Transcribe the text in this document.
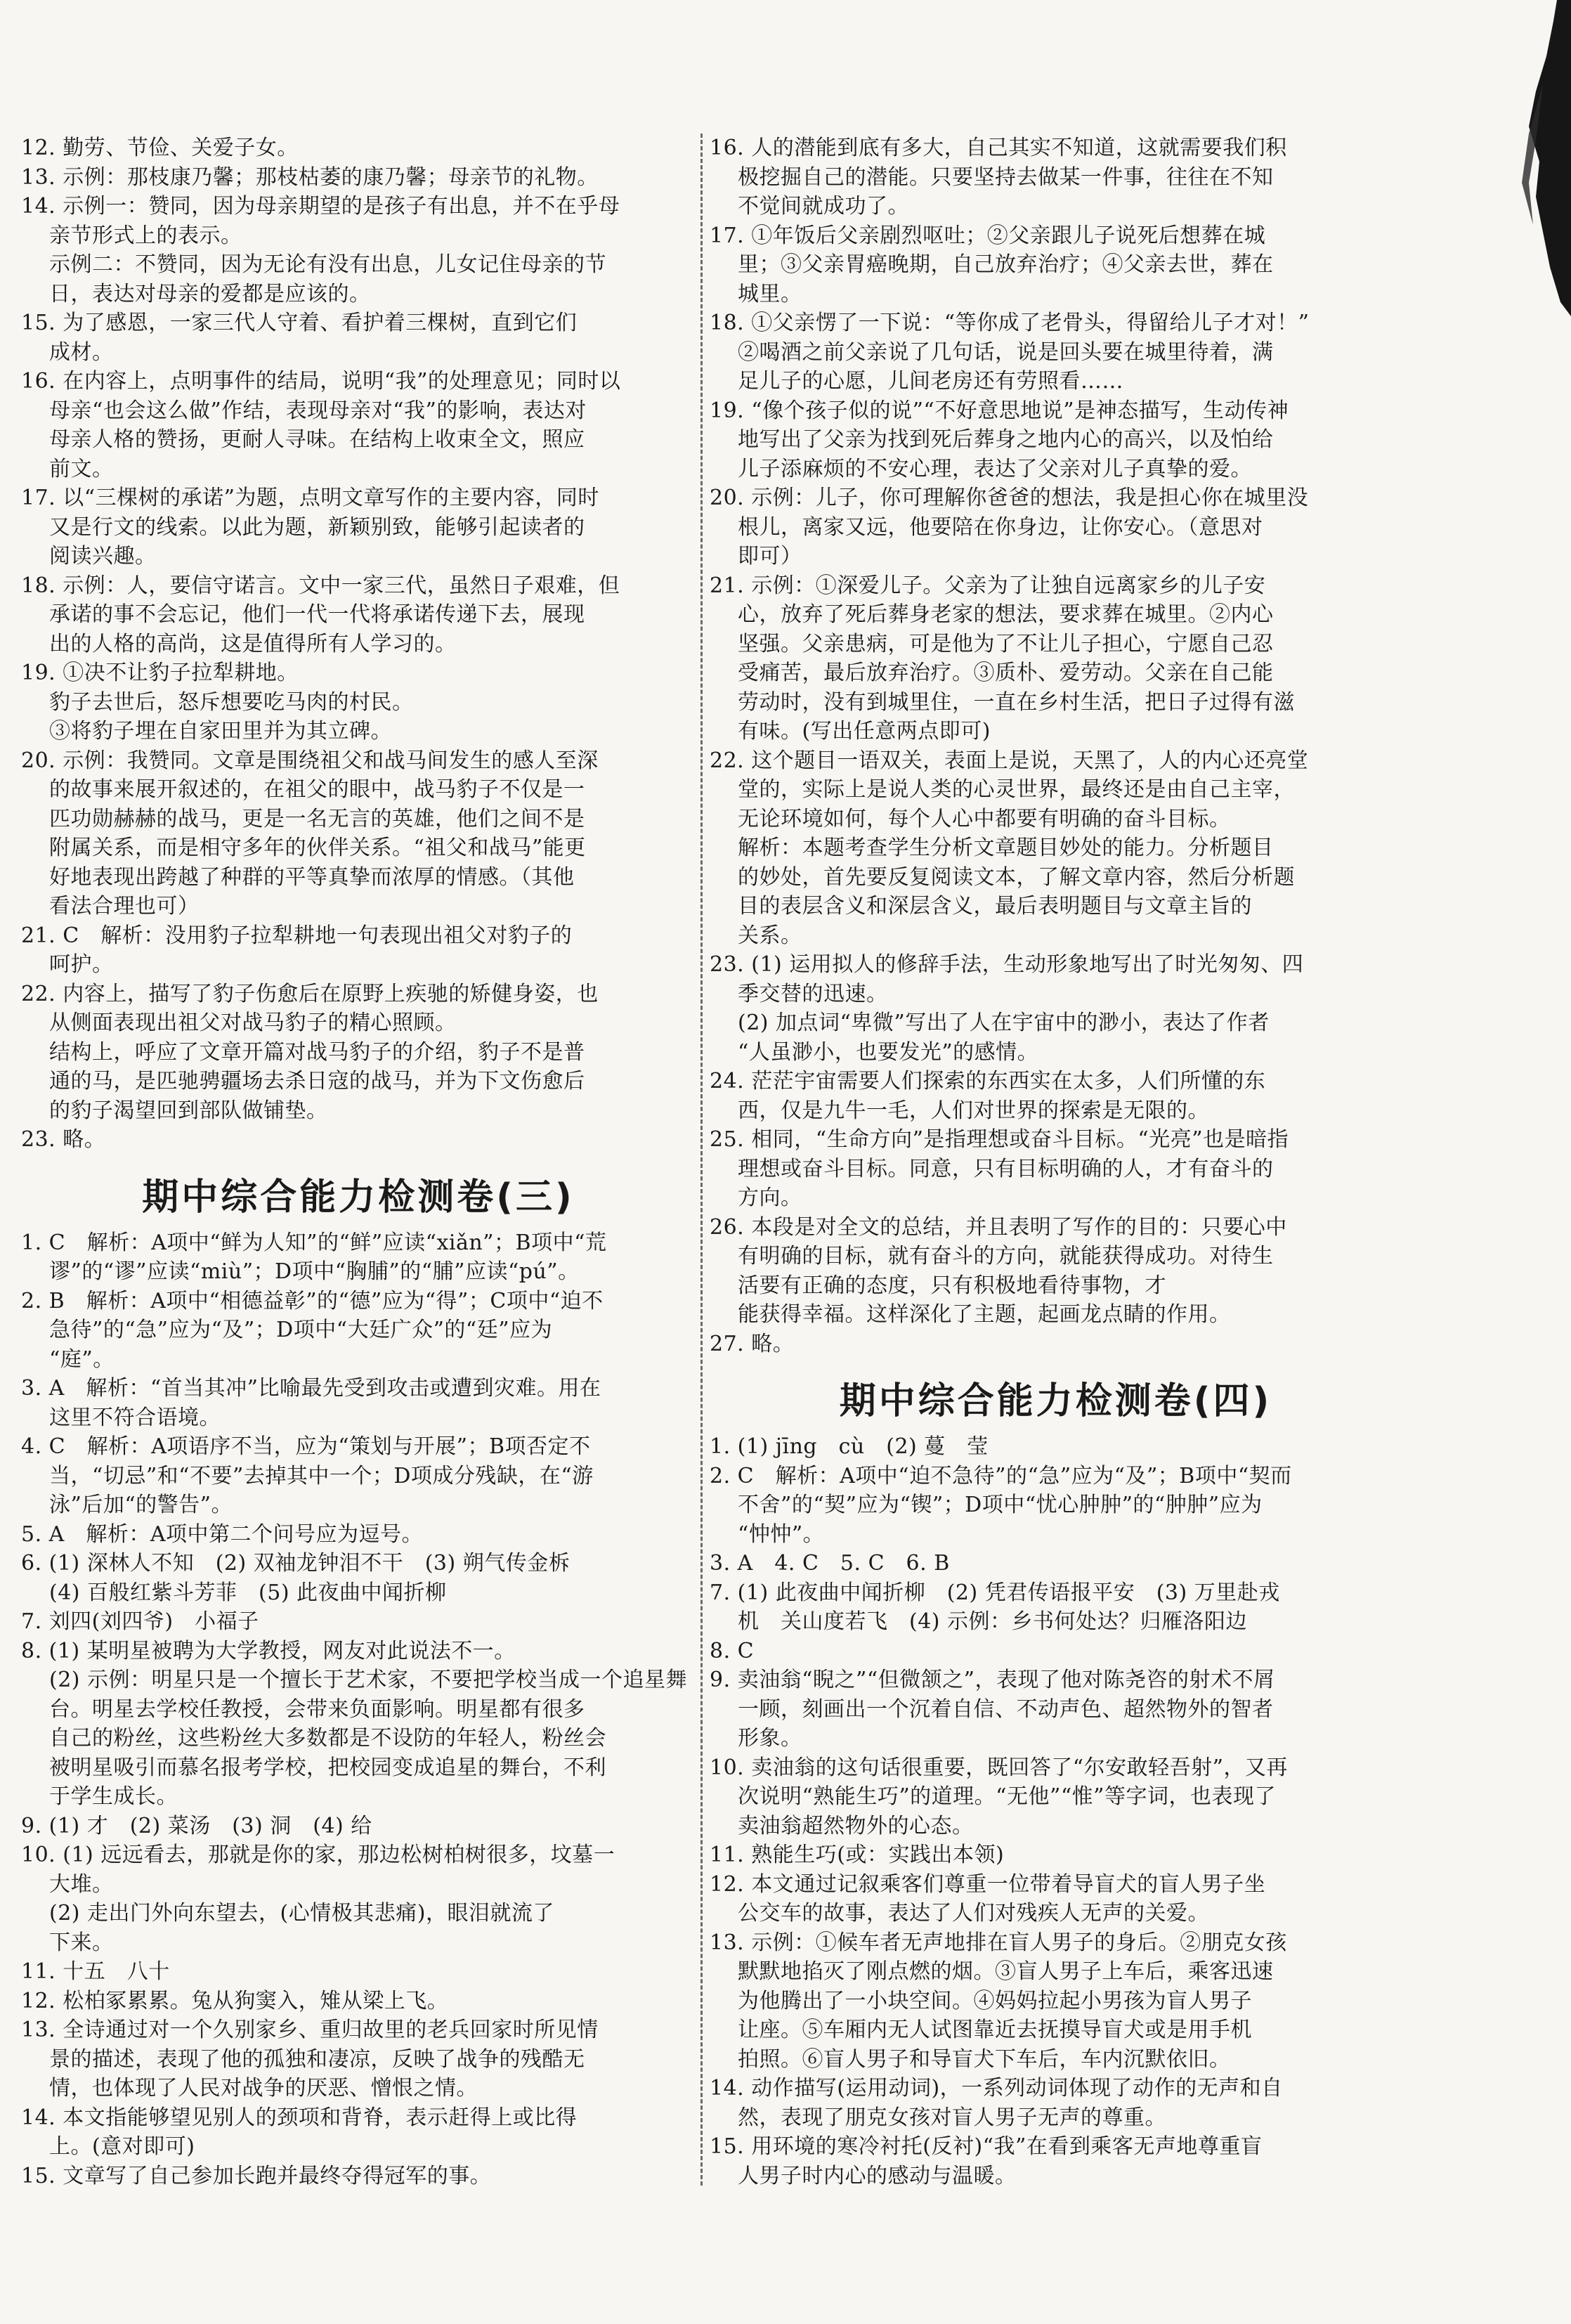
12. 勤劳、节俭、关爱子女。
13. 示例：那枝康乃馨；那枝枯萎的康乃馨；母亲节的礼物。
14. 示例一：赞同，因为母亲期望的是孩子有出息，并不在乎母
亲节形式上的表示。
示例二：不赞同，因为无论有没有出息，儿女记住母亲的节
日，表达对母亲的爱都是应该的。
15. 为了感恩，一家三代人守着、看护着三棵树，直到它们
成材。
16. 在内容上，点明事件的结局，说明“我”的处理意见；同时以
母亲“也会这么做”作结，表现母亲对“我”的影响，表达对
母亲人格的赞扬，更耐人寻味。在结构上收束全文，照应
前文。
17. 以“三棵树的承诺”为题，点明文章写作的主要内容，同时
又是行文的线索。以此为题，新颖别致，能够引起读者的
阅读兴趣。
18. 示例：人，要信守诺言。文中一家三代，虽然日子艰难，但
承诺的事不会忘记，他们一代一代将承诺传递下去，展现
出的人格的高尚，这是值得所有人学习的。
19. ①决不让豹子拉犁耕地。
豹子去世后，怒斥想要吃马肉的村民。
③将豹子埋在自家田里并为其立碑。
20. 示例：我赞同。文章是围绕祖父和战马间发生的感人至深
的故事来展开叙述的，在祖父的眼中，战马豹子不仅是一
匹功勋赫赫的战马，更是一名无言的英雄，他们之间不是
附属关系，而是相守多年的伙伴关系。“祖父和战马”能更
好地表现出跨越了种群的平等真挚而浓厚的情感。（其他
看法合理也可）
21. C　解析：没用豹子拉犁耕地一句表现出祖父对豹子的
呵护。
22. 内容上，描写了豹子伤愈后在原野上疾驰的矫健身姿，也
从侧面表现出祖父对战马豹子的精心照顾。
结构上，呼应了文章开篇对战马豹子的介绍，豹子不是普
通的马，是匹驰骋疆场去杀日寇的战马，并为下文伤愈后
的豹子渴望回到部队做铺垫。
23. 略。
期中综合能力检测卷(三)
1. C　解析：A项中“鲜为人知”的“鲜”应读“xiǎn”；B项中“荒
谬”的“谬”应读“miù”；D项中“胸脯”的“脯”应读“pú”。
2. B　解析：A项中“相德益彰”的“德”应为“得”；C项中“迫不
急待”的“急”应为“及”；D项中“大廷广众”的“廷”应为
“庭”。
3. A　解析：“首当其冲”比喻最先受到攻击或遭到灾难。用在
这里不符合语境。
4. C　解析：A项语序不当，应为“策划与开展”；B项否定不
当，“切忌”和“不要”去掉其中一个；D项成分残缺，在“游
泳”后加“的警告”。
5. A　解析：A项中第二个问号应为逗号。
6. (1) 深林人不知　(2) 双袖龙钟泪不干　(3) 朔气传金柝
(4) 百般红紫斗芳菲　(5) 此夜曲中闻折柳
7. 刘四(刘四爷)　小福子
8. (1) 某明星被聘为大学教授，网友对此说法不一。
(2) 示例：明星只是一个擅长于艺术家，不要把学校当成一个追星舞
台。明星去学校任教授，会带来负面影响。明星都有很多
自己的粉丝，这些粉丝大多数都是不设防的年轻人，粉丝会
被明星吸引而慕名报考学校，把校园变成追星的舞台，不利
于学生成长。
9. (1) 才　(2) 菜汤　(3) 洞　(4) 给
10. (1) 远远看去，那就是你的家，那边松树柏树很多，坟墓一
大堆。
(2) 走出门外向东望去，(心情极其悲痛)，眼泪就流了
下来。
11. 十五　八十
12. 松柏冢累累。兔从狗窦入，雉从梁上飞。
13. 全诗通过对一个久别家乡、重归故里的老兵回家时所见情
景的描述，表现了他的孤独和凄凉，反映了战争的残酷无
情，也体现了人民对战争的厌恶、憎恨之情。
14. 本文指能够望见别人的颈项和背脊，表示赶得上或比得
上。(意对即可)
15. 文章写了自己参加长跑并最终夺得冠军的事。
16. 人的潜能到底有多大，自己其实不知道，这就需要我们积
极挖掘自己的潜能。只要坚持去做某一件事，往往在不知
不觉间就成功了。
17. ①年饭后父亲剧烈呕吐；②父亲跟儿子说死后想葬在城
里；③父亲胃癌晚期，自己放弃治疗；④父亲去世，葬在
城里。
18. ①父亲愣了一下说：“等你成了老骨头，得留给儿子才对！”
②喝酒之前父亲说了几句话，说是回头要在城里待着，满
足儿子的心愿，儿间老房还有劳照看……
19. “像个孩子似的说”“不好意思地说”是神态描写，生动传神
地写出了父亲为找到死后葬身之地内心的高兴，以及怕给
儿子添麻烦的不安心理，表达了父亲对儿子真挚的爱。
20. 示例：儿子，你可理解你爸爸的想法，我是担心你在城里没
根儿，离家又远，他要陪在你身边，让你安心。（意思对
即可）
21. 示例：①深爱儿子。父亲为了让独自远离家乡的儿子安
心，放弃了死后葬身老家的想法，要求葬在城里。②内心
坚强。父亲患病，可是他为了不让儿子担心，宁愿自己忍
受痛苦，最后放弃治疗。③质朴、爱劳动。父亲在自己能
劳动时，没有到城里住，一直在乡村生活，把日子过得有滋
有味。(写出任意两点即可)
22. 这个题目一语双关，表面上是说，天黑了，人的内心还亮堂
堂的，实际上是说人类的心灵世界，最终还是由自己主宰，
无论环境如何，每个人心中都要有明确的奋斗目标。
解析：本题考查学生分析文章题目妙处的能力。分析题目
的妙处，首先要反复阅读文本，了解文章内容，然后分析题
目的表层含义和深层含义，最后表明题目与文章主旨的
关系。
23. (1) 运用拟人的修辞手法，生动形象地写出了时光匆匆、四
季交替的迅速。
(2) 加点词“卑微”写出了人在宇宙中的渺小，表达了作者
“人虽渺小，也要发光”的感情。
24. 茫茫宇宙需要人们探索的东西实在太多，人们所懂的东
西，仅是九牛一毛，人们对世界的探索是无限的。
25. 相同，“生命方向”是指理想或奋斗目标。“光亮”也是暗指
理想或奋斗目标。同意，只有目标明确的人，才有奋斗的
方向。
26. 本段是对全文的总结，并且表明了写作的目的：只要心中
有明确的目标，就有奋斗的方向，就能获得成功。对待生
活要有正确的态度，只有积极地看待事物，才
能获得幸福。这样深化了主题，起画龙点睛的作用。
27. 略。
期中综合能力检测卷(四)
1. (1) jīng　cù　(2) 蔓　莹
2. C　解析：A项中“迫不急待”的“急”应为“及”；B项中“契而
不舍”的“契”应为“锲”；D项中“忧心肿肿”的“肿肿”应为
“忡忡”。
3. A　4. C　5. C　6. B
7. (1) 此夜曲中闻折柳　(2) 凭君传语报平安　(3) 万里赴戎
机　关山度若飞　(4) 示例：乡书何处达？归雁洛阳边
8. C
9. 卖油翁“睨之”“但微颔之”，表现了他对陈尧咨的射术不屑
一顾，刻画出一个沉着自信、不动声色、超然物外的智者
形象。
10. 卖油翁的这句话很重要，既回答了“尔安敢轻吾射”，又再
次说明“熟能生巧”的道理。“无他”“惟”等字词，也表现了
卖油翁超然物外的心态。
11. 熟能生巧(或：实践出本领)
12. 本文通过记叙乘客们尊重一位带着导盲犬的盲人男子坐
公交车的故事，表达了人们对残疾人无声的关爱。
13. 示例：①候车者无声地排在盲人男子的身后。②朋克女孩
默默地掐灭了刚点燃的烟。③盲人男子上车后，乘客迅速
为他腾出了一小块空间。④妈妈拉起小男孩为盲人男子
让座。⑤车厢内无人试图靠近去抚摸导盲犬或是用手机
拍照。⑥盲人男子和导盲犬下车后，车内沉默依旧。
14. 动作描写(运用动词)，一系列动词体现了动作的无声和自
然，表现了朋克女孩对盲人男子无声的尊重。
15. 用环境的寒冷衬托(反衬)“我”在看到乘客无声地尊重盲
人男子时内心的感动与温暖。
